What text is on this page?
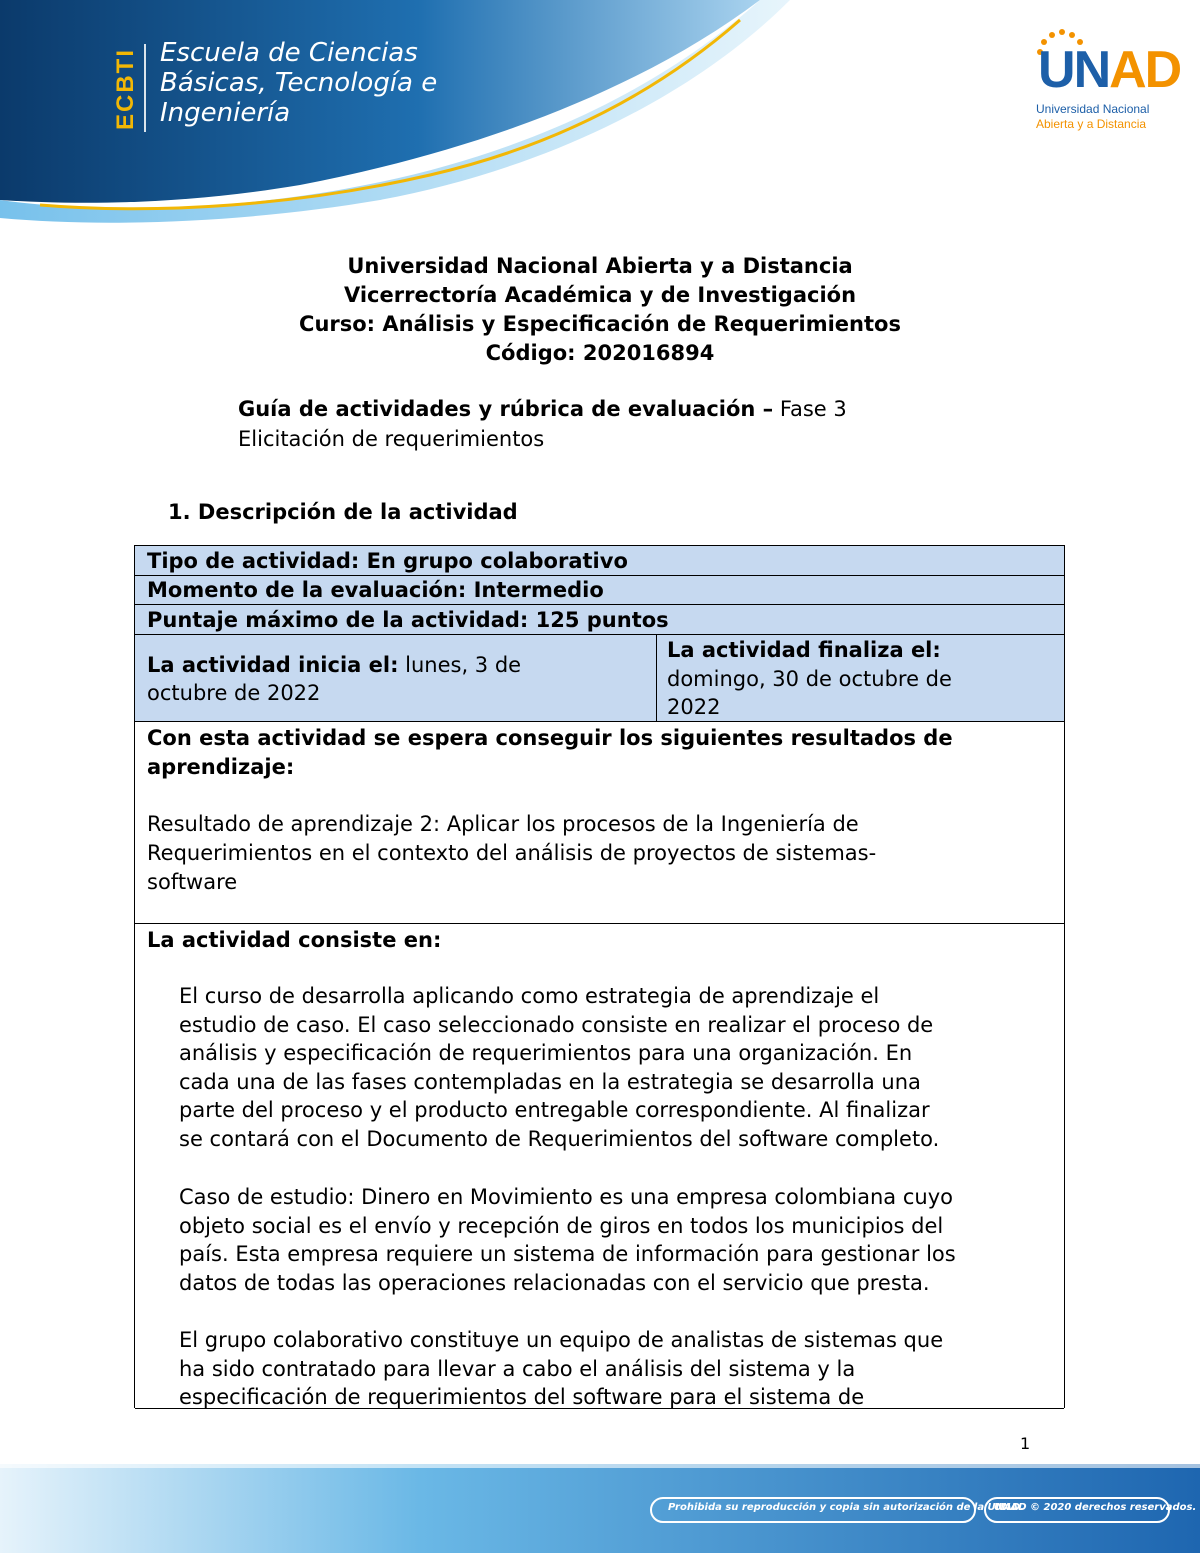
ECBTI Escuela de Ciencias
Básicas, Tecnología e
Ingeniería
UNAD
Universidad Nacional
Abierta y a Distancia
Universidad Nacional Abierta y a Distancia
Vicerrectoría Académica y de Investigación
Curso: Análisis y Especificación de Requerimientos
Código: 202016894
Guía de actividades y rúbrica de evaluación – Fase 3
Elicitación de requerimientos
1. Descripción de la actividad
Tipo de actividad: En grupo colaborativo
Momento de la evaluación: Intermedio
Puntaje máximo de la actividad: 125 puntos
La actividad inicia el: lunes, 3 de
octubre de 2022
La actividad finaliza el:
domingo, 30 de octubre de
2022
Con esta actividad se espera conseguir los siguientes resultados de
aprendizaje:
Resultado de aprendizaje 2: Aplicar los procesos de la Ingeniería de
Requerimientos en el contexto del análisis de proyectos de sistemas-
software
La actividad consiste en:
El curso de desarrolla aplicando como estrategia de aprendizaje el
estudio de caso. El caso seleccionado consiste en realizar el proceso de
análisis y especificación de requerimientos para una organización. En
cada una de las fases contempladas en la estrategia se desarrolla una
parte del proceso y el producto entregable correspondiente. Al finalizar
se contará con el Documento de Requerimientos del software completo.
Caso de estudio: Dinero en Movimiento es una empresa colombiana cuyo
objeto social es el envío y recepción de giros en todos los municipios del
país. Esta empresa requiere un sistema de información para gestionar los
datos de todas las operaciones relacionadas con el servicio que presta.
El grupo colaborativo constituye un equipo de analistas de sistemas que
ha sido contratado para llevar a cabo el análisis del sistema y la
especificación de requerimientos del software para el sistema de
1
Prohibida su reproducción y copia sin autorización de la UNAD.
UNAD © 2020 derechos reservados.
